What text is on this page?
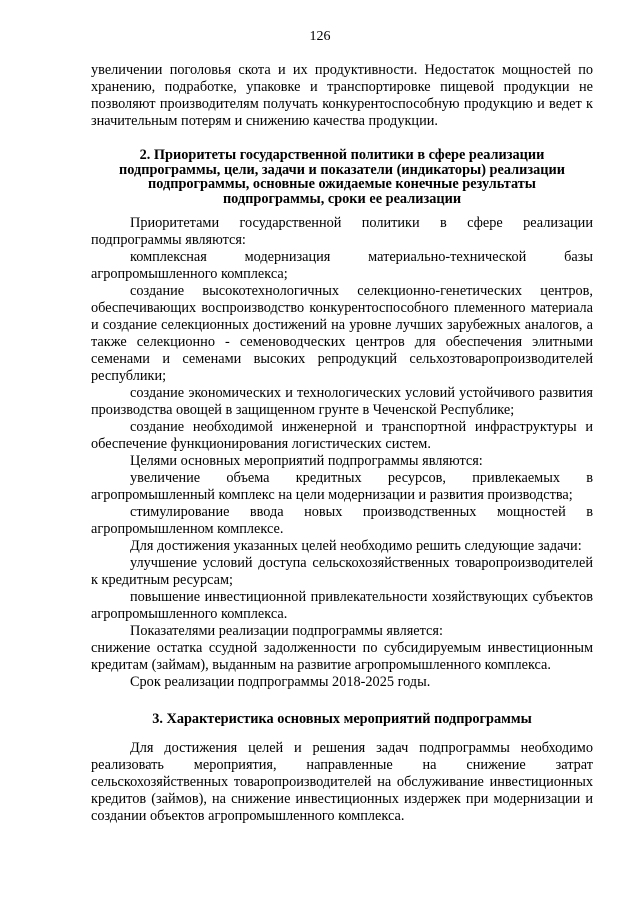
126

увеличении поголовья скота и их продуктивности. Недостаток мощностей по хранению, подработке, упаковке и транспортировке пищевой продукции не позволяют производителям получать конкурентоспособную продукцию и ведет к значительным потерям и снижению качества продукции.

2. Приоритеты государственной политики в сфере реализации
подпрограммы, цели, задачи и показатели (индикаторы) реализации
подпрограммы, основные ожидаемые конечные результаты
подпрограммы, сроки ее реализации

Приоритетами государственной политики в сфере реализации подпрограммы являются:

комплексная модернизация материально-технической базы агропромышленного комплекса;

создание высокотехнологичных селекционно-генетических центров, обеспечивающих воспроизводство конкурентоспособного племенного материала и создание селекционных достижений на уровне лучших зарубежных аналогов, а также селекционно - семеноводческих центров для обеспечения элитными семенами и семенами высоких репродукций сельхозтоваропроизводителей республики;

создание экономических и технологических условий устойчивого развития производства овощей в защищенном грунте в Чеченской Республике;

создание необходимой инженерной и транспортной инфраструктуры и обеспечение функционирования логистических систем.

Целями основных мероприятий подпрограммы являются:

увеличение объема кредитных ресурсов, привлекаемых в агропромышленный комплекс на цели модернизации и развития производства;

стимулирование ввода новых производственных мощностей в агропромышленном комплексе.

Для достижения указанных целей необходимо решить следующие задачи:

улучшение условий доступа сельскохозяйственных товаропроизводителей к кредитным ресурсам;

повышение инвестиционной привлекательности хозяйствующих субъектов агропромышленного комплекса.

Показателями реализации подпрограммы является:

снижение остатка ссудной задолженности по субсидируемым инвестиционным кредитам (займам), выданным на развитие агропромышленного комплекса.

Срок реализации подпрограммы 2018-2025 годы.

3. Характеристика основных мероприятий подпрограммы

Для достижения целей и решения задач подпрограммы необходимо реализовать мероприятия, направленные на снижение затрат сельскохозяйственных товаропроизводителей на обслуживание инвестиционных кредитов (займов), на снижение инвестиционных издержек при модернизации и создании объектов агропромышленного комплекса.
